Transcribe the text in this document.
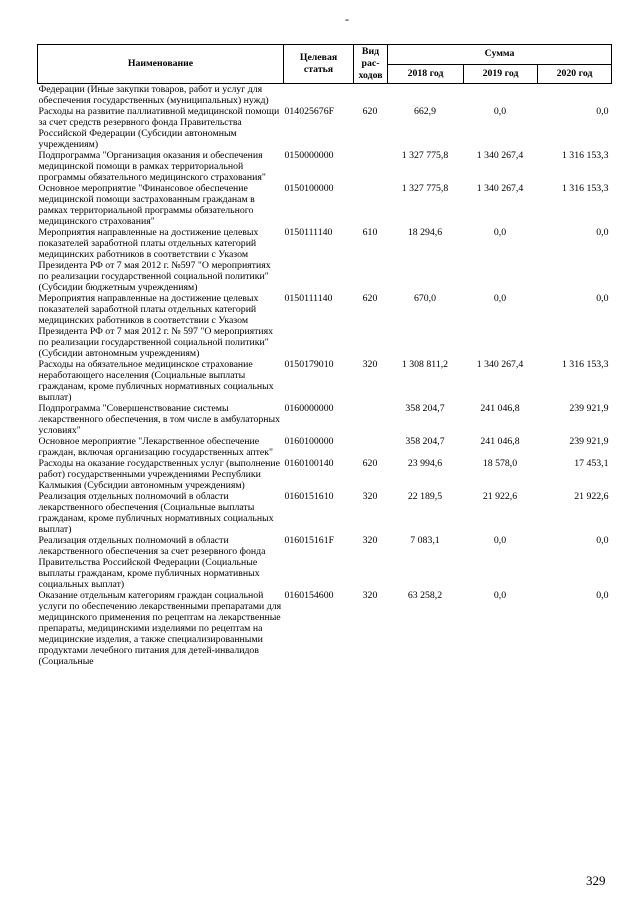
-
Наименование	Целевая статья	Вид рас-ходов	Сумма		
			2018 год	2019 год	2020 год
Федерации (Иные закупки товаров, работ и услуг для обеспечения государственных (муниципальных) нужд)					
Расходы на развитие паллиативной медицинской помощи за счет средств резервного фонда Правительства Российской Федерации (Субсидии автономным учреждениям)	014025676F	620	662,9	0,0	0,0
Подпрограмма "Организация оказания и обеспечения медицинской помощи в рамках территориальной программы обязательного медицинского страхования"	0150000000		1 327 775,8	1 340 267,4	1 316 153,3
Основное мероприятие "Финансовое обеспечение медицинской помощи застрахованным гражданам в рамках территориальной программы обязательного медицинского страхования"	0150100000		1 327 775,8	1 340 267,4	1 316 153,3
Мероприятия направленные на достижение целевых показателей заработной платы отдельных категорий медицинских работников в соответствии с Указом Президента РФ от 7 мая 2012 г. №597 "О мероприятиях по реализации государственной социальной политики" (Субсидии бюджетным учреждениям)	0150111140	610	18 294,6	0,0	0,0
Мероприятия направленные на достижение целевых показателей заработной платы отдельных категорий медицинских работников в соответствии с Указом Президента РФ от 7 мая 2012 г. № 597 "О мероприятиях по реализации государственной социальной политики" (Субсидии автономным учреждениям)	0150111140	620	670,0	0,0	0,0
Расходы на обязательное медицинское страхование неработающего населения (Социальные выплаты гражданам, кроме публичных нормативных социальных выплат)	0150179010	320	1 308 811,2	1 340 267,4	1 316 153,3
Подпрограмма "Совершенствование системы лекарственного обеспечения, в том числе в амбулаторных условиях"	0160000000		358 204,7	241 046,8	239 921,9
Основное мероприятие "Лекарственное обеспечение граждан, включая организацию государственных аптек"	0160100000		358 204,7	241 046,8	239 921,9
Расходы на оказание государственных услуг (выполнение работ) государственными учреждениями Республики Калмыкия (Субсидии автономным учреждениям)	0160100140	620	23 994,6	18 578,0	17 453,1
Реализация отдельных полномочий в области лекарственного обеспечения (Социальные выплаты гражданам, кроме публичных нормативных социальных выплат)	0160151610	320	22 189,5	21 922,6	21 922,6
Реализация отдельных полномочий в области лекарственного обеспечения за счет резервного фонда Правительства Российской Федерации (Социальные выплаты гражданам, кроме публичных нормативных социальных выплат)	016015161F	320	7 083,1	0,0	0,0
Оказание отдельным категориям граждан социальной услуги по обеспечению лекарственными препаратами для медицинского применения по рецептам на лекарственные препараты, медицинскими изделиями по рецептам на медицинские изделия, а также специализированными продуктами лечебного питания для детей-инвалидов (Социальные	0160154600	320	63 258,2	0,0	0,0
329
